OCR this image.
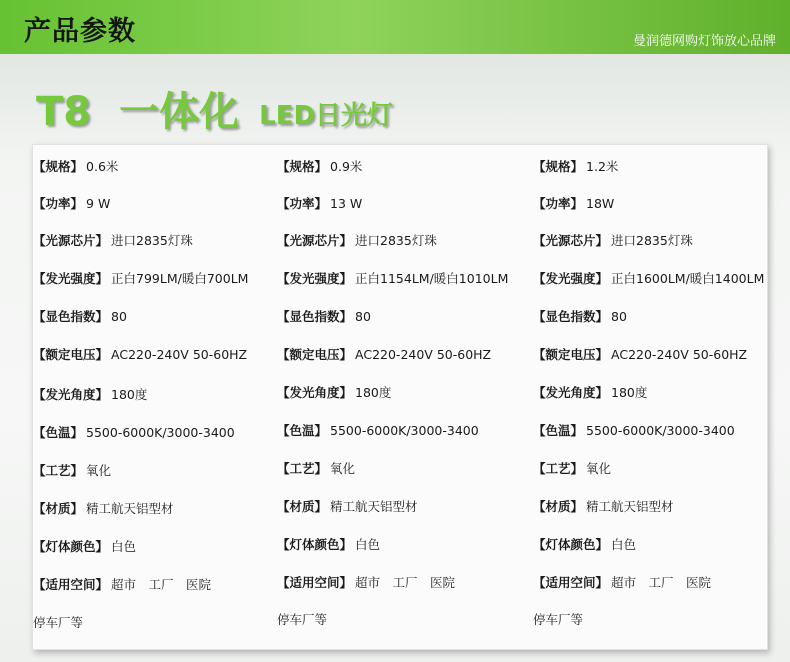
产品参数	曼润德网购灯饰放心品牌
T8 一体化 LED日光灯
【规格】 0.6米
【功率】 9 W
【光源芯片】 进口2835灯珠
【发光强度】 正白799LM/暖白700LM
【显色指数】 80
【额定电压】 AC220-240V 50-60HZ
【发光角度】 180度
【色温】 5500-6000K/3000-3400
【工艺】 氧化
【材质】 精工航天铝型材
【灯体颜色】 白色
【适用空间】 超市　工厂　医院
停车厂等
【规格】 0.9米
【功率】 13 W
【光源芯片】 进口2835灯珠
【发光强度】 正白1154LM/暖白1010LM
【显色指数】 80
【额定电压】 AC220-240V 50-60HZ
【发光角度】 180度
【色温】 5500-6000K/3000-3400
【工艺】 氧化
【材质】 精工航天铝型材
【灯体颜色】 白色
【适用空间】 超市　工厂　医院
停车厂等
【规格】 1.2米
【功率】 18W
【光源芯片】 进口2835灯珠
【发光强度】 正白1600LM/暖白1400LM
【显色指数】 80
【额定电压】 AC220-240V 50-60HZ
【发光角度】 180度
【色温】 5500-6000K/3000-3400
【工艺】 氧化
【材质】 精工航天铝型材
【灯体颜色】 白色
【适用空间】 超市　工厂　医院
停车厂等
